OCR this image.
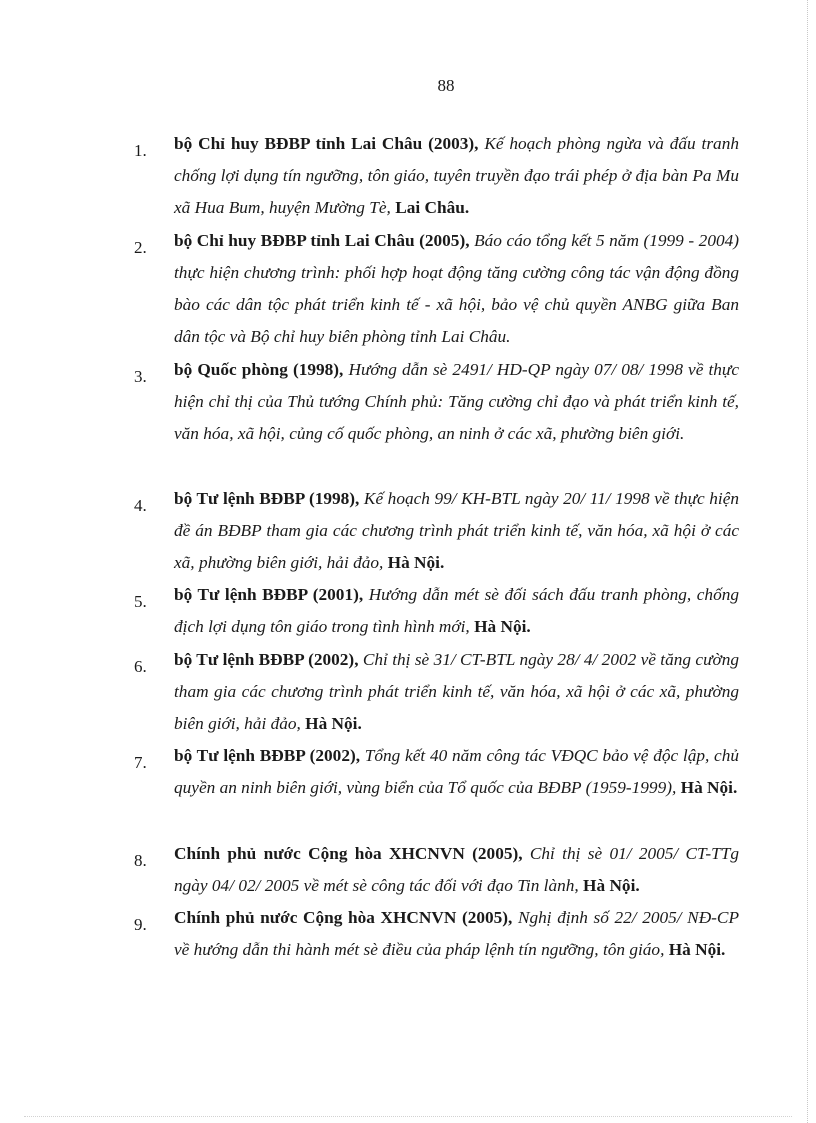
88
1. bộ Chỉ huy BĐBP tỉnh Lai Châu (2003), Kế hoạch phòng ngừa và đấu tranh chống lợi dụng tín ngưỡng, tôn giáo, tuyên truyền đạo trái phép ở địa bàn Pa Mu xã Hua Bum, huyện Mường Tè, Lai Châu.
2. bộ Chỉ huy BĐBP tỉnh Lai Châu (2005), Báo cáo tổng kết 5 năm (1999 - 2004) thực hiện chương trình: phối hợp hoạt động tăng cường công tác vận động đồng bào các dân tộc phát triển kinh tế - xã hội, bảo vệ chủ quyền ANBG giữa Ban dân tộc và Bộ chỉ huy biên phòng tỉnh Lai Châu.
3. bộ Quốc phòng (1998), Hướng dẫn sè 2491/ HD-QP ngày 07/ 08/ 1998 về thực hiện chỉ thị của Thủ tướng Chính phủ: Tăng cường chỉ đạo và phát triển kinh tế, văn hóa, xã hội, củng cố quốc phòng, an ninh ở các xã, phường biên giới.
4. bộ Tư lệnh BĐBP (1998), Kế hoạch 99/ KH-BTL ngày 20/ 11/ 1998 về thực hiện đề án BĐBP tham gia các chương trình phát triển kinh tế, văn hóa, xã hội ở các xã, phường biên giới, hải đảo, Hà Nội.
5. bộ Tư lệnh BĐBP (2001), Hướng dẫn mét sè đối sách đấu tranh phòng, chống địch lợi dụng tôn giáo trong tình hình mới, Hà Nội.
6. bộ Tư lệnh BĐBP (2002), Chỉ thị sè 31/ CT-BTL ngày 28/ 4/ 2002 về tăng cường tham gia các chương trình phát triển kinh tế, văn hóa, xã hội ở các xã, phường biên giới, hải đảo, Hà Nội.
7. bộ Tư lệnh BĐBP (2002), Tổng kết 40 năm công tác VĐQC bảo vệ độc lập, chủ quyền an ninh biên giới, vùng biển của Tổ quốc của BĐBP (1959-1999), Hà Nội.
8. Chính phủ nước Cộng hòa XHCNVN (2005), Chỉ thị sè 01/ 2005/ CT-TTg ngày 04/ 02/ 2005 về mét sè công tác đối với đạo Tin lành, Hà Nội.
9. Chính phủ nước Cộng hòa XHCNVN (2005), Nghị định số 22/ 2005/ NĐ-CP về hướng dẫn thi hành mét sè điều của pháp lệnh tín ngưỡng, tôn giáo, Hà Nội.
